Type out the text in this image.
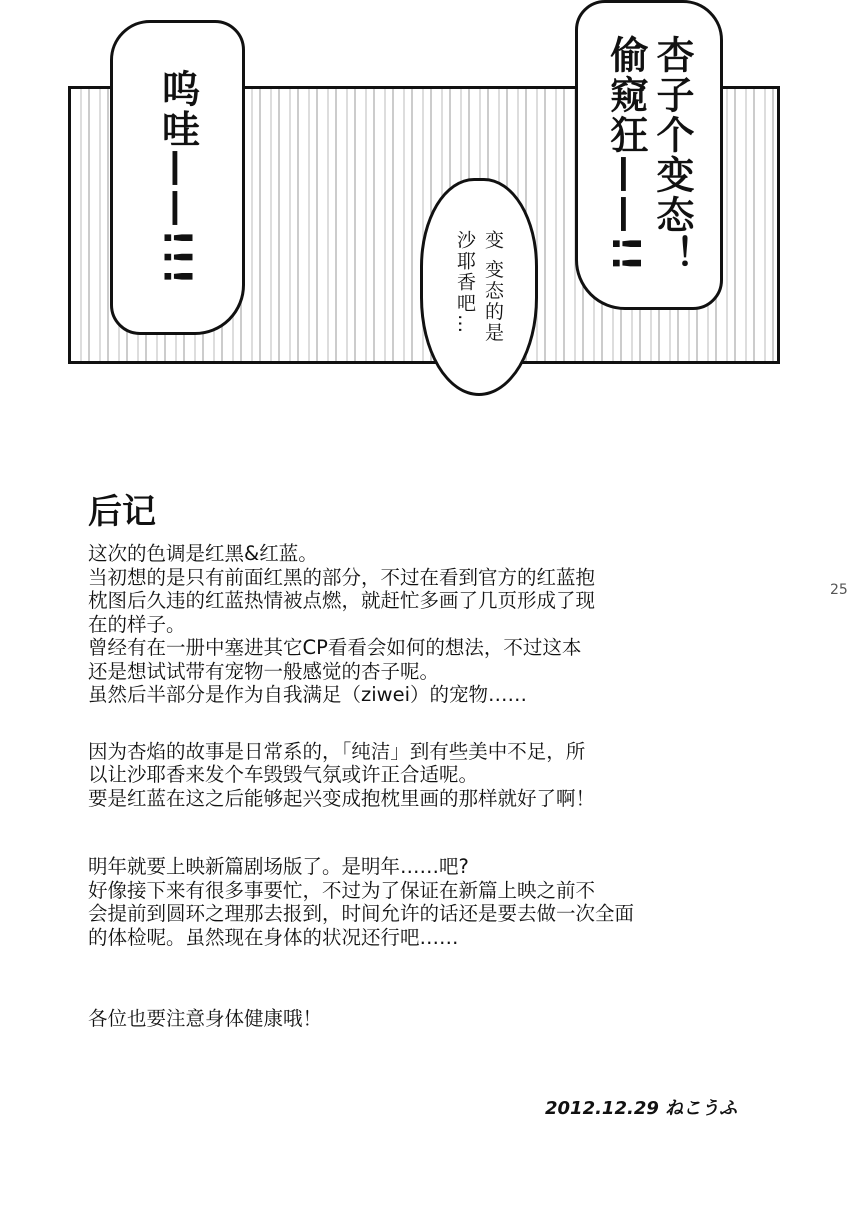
呜哇——!!!	杏子个变态！
偷窥狂——!!
变 变态的是
沙耶香吧…
25
后记

这次的色调是红黑&红蓝。
当初想的是只有前面红黑的部分，不过在看到官方的红蓝抱
枕图后久违的红蓝热情被点燃，就赶忙多画了几页形成了现
在的样子。
曾经有在一册中塞进其它CP看看会如何的想法，不过这本
还是想试试带有宠物一般感觉的杏子呢。
虽然后半部分是作为自我满足（ziwei）的宠物……

因为杏焰的故事是日常系的，「纯洁」到有些美中不足，所
以让沙耶香来发个车毁毁气氛或许正合适呢。
要是红蓝在这之后能够起兴变成抱枕里画的那样就好了啊！

明年就要上映新篇剧场版了。是明年……吧?
好像接下来有很多事要忙，不过为了保证在新篇上映之前不
会提前到圆环之理那去报到，时间允许的话还是要去做一次全面
的体检呢。虽然现在身体的状况还行吧……

各位也要注意身体健康哦！

2012.12.29 ねこうふ
